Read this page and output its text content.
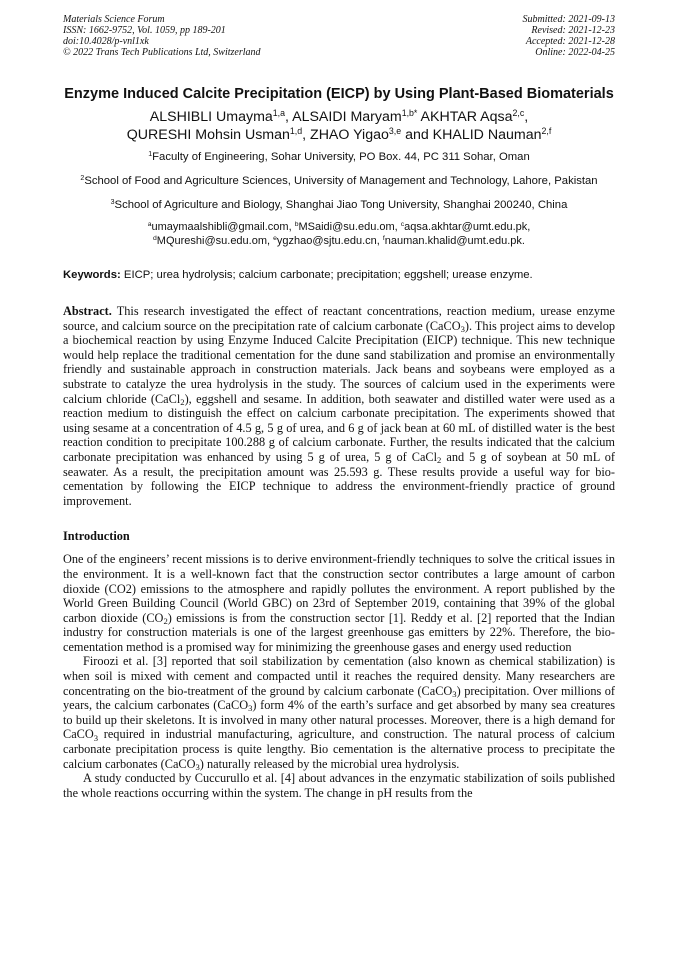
Materials Science Forum
ISSN: 1662-9752, Vol. 1059, pp 189-201
doi:10.4028/p-vnl1xk
© 2022 Trans Tech Publications Ltd, Switzerland
Submitted: 2021-09-13
Revised: 2021-12-23
Accepted: 2021-12-28
Online: 2022-04-25
Enzyme Induced Calcite Precipitation (EICP) by Using Plant-Based Biomaterials
ALSHIBLI Umayma$^{1,a}$, ALSAIDI Maryam$^{1,b*}$ AKHTAR Aqsa$^{2,c}$,
QURESHI Mohsin Usman$^{1,d}$, ZHAO Yigao$^{3,e}$ and KHALID Nauman$^{2,f}$
$^1$Faculty of Engineering, Sohar University, PO Box. 44, PC 311 Sohar, Oman
$^2$School of Food and Agriculture Sciences, University of Management and Technology, Lahore, Pakistan
$^3$School of Agriculture and Biology, Shanghai Jiao Tong University, Shanghai 200240, China
$^a$umaymaalshibli@gmail.com, $^b$MSaidi@su.edu.om, $^c$aqsa.akhtar@umt.edu.pk,
$^d$MQureshi@su.edu.om, $^e$ygzhao@sjtu.edu.cn, $^f$nauman.khalid@umt.edu.pk.
Keywords: EICP; urea hydrolysis; calcium carbonate; precipitation; eggshell; urease enzyme.
Abstract. This research investigated the effect of reactant concentrations, reaction medium, urease enzyme source, and calcium source on the precipitation rate of calcium carbonate (CaCO$_3$). This project aims to develop a biochemical reaction by using Enzyme Induced Calcite Precipitation (EICP) technique. This new technique would help replace the traditional cementation for the dune sand stabilization and promise an environmentally friendly and sustainable approach in construction materials. Jack beans and soybeans were employed as a substrate to catalyze the urea hydrolysis in the study. The sources of calcium used in the experiments were calcium chloride (CaCl$_2$), eggshell and sesame. In addition, both seawater and distilled water were used as a reaction medium to distinguish the effect on calcium carbonate precipitation. The experiments showed that using sesame at a concentration of 4.5 g, 5 g of urea, and 6 g of jack bean at 60 mL of distilled water is the best reaction condition to precipitate 100.288 g of calcium carbonate. Further, the results indicated that the calcium carbonate precipitation was enhanced by using 5 g of urea, 5 g of CaCl$_2$ and 5 g of soybean at 50 mL of seawater. As a result, the precipitation amount was 25.593 g. These results provide a useful way for bio-cementation by following the EICP technique to address the environment-friendly practice of ground improvement.
Introduction
One of the engineers’ recent missions is to derive environment-friendly techniques to solve the critical issues in the environment. It is a well-known fact that the construction sector contributes a large amount of carbon dioxide (CO2) emissions to the atmosphere and rapidly pollutes the environment. A report published by the World Green Building Council (World GBC) on 23rd of September 2019, containing that 39% of the global carbon dioxide $(CO_2)$ emissions is from the construction sector [1]. Reddy et al. [2] reported that the Indian industry for construction materials is one of the largest greenhouse gas emitters by 22%. Therefore, the bio-cementation method is a promised way for minimizing the greenhouse gases and energy used reduction
Firoozi et al. [3] reported that soil stabilization by cementation (also known as chemical stabilization) is when soil is mixed with cement and compacted until it reaches the required density. Many researchers are concentrating on the bio-treatment of the ground by calcium carbonate (CaCO$_3$) precipitation. Over millions of years, the calcium carbonates (CaCO$_3$) form 4% of the earth’s surface and get absorbed by many sea creatures to build up their skeletons. It is involved in many other natural processes. Moreover, there is a high demand for CaCO$_3$ required in industrial manufacturing, agriculture, and construction. The natural process of calcium carbonate precipitation process is quite lengthy. Bio cementation is the alternative process to precipitate the calcium carbonates (CaCO$_3$) naturally released by the microbial urea hydrolysis.
A study conducted by Cuccurullo et al. [4] about advances in the enzymatic stabilization of soils published the whole reactions occurring within the system. The change in pH results from the
